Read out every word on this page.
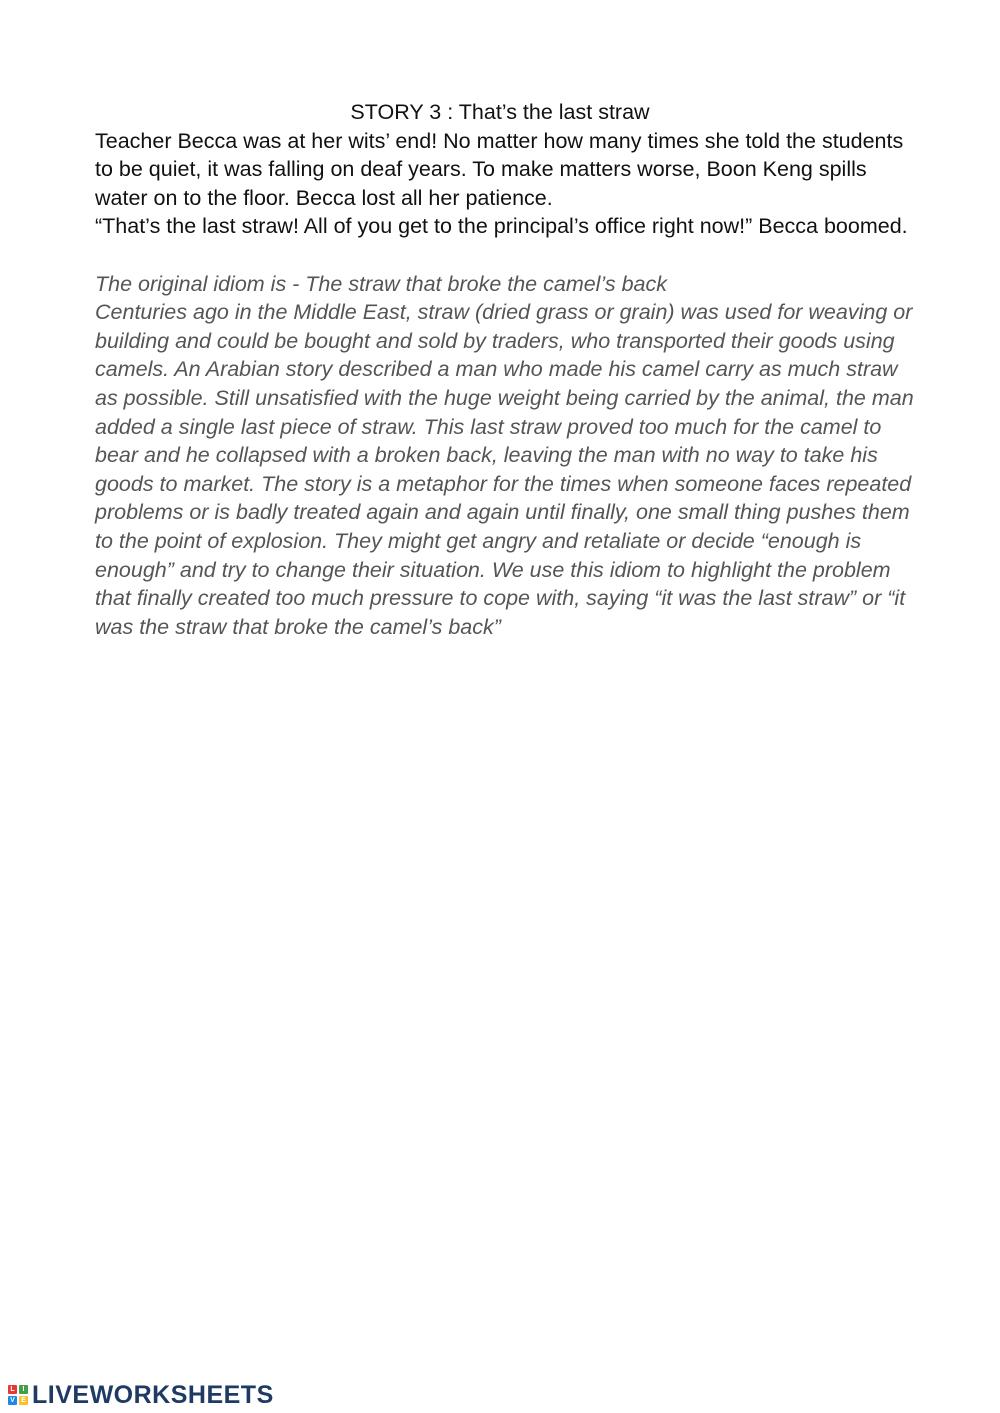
STORY 3 : That’s the last straw

Teacher Becca was at her wits’ end! No matter how many times she told the students to be quiet, it was falling on deaf years. To make matters worse, Boon Keng spills water on to the floor. Becca lost all her patience.

“That’s the last straw! All of you get to the principal’s office right now!” Becca boomed.

The original idiom is - The straw that broke the camel’s back

Centuries ago in the Middle East, straw (dried grass or grain) was used for weaving or building and could be bought and sold by traders, who transported their goods using camels. An Arabian story described a man who made his camel carry as much straw as possible. Still unsatisfied with the huge weight being carried by the animal, the man added a single last piece of straw. This last straw proved too much for the camel to bear and he collapsed with a broken back, leaving the man with no way to take his goods to market. The story is a metaphor for the times when someone faces repeated problems or is badly treated again and again until finally, one small thing pushes them to the point of explosion. They might get angry and retaliate or decide “enough is enough” and try to change their situation. We use this idiom to highlight the problem that finally created too much pressure to cope with, saying “it was the last straw” or “it was the straw that broke the camel’s back”

L	I
V E LIVEWORKSHEETS
